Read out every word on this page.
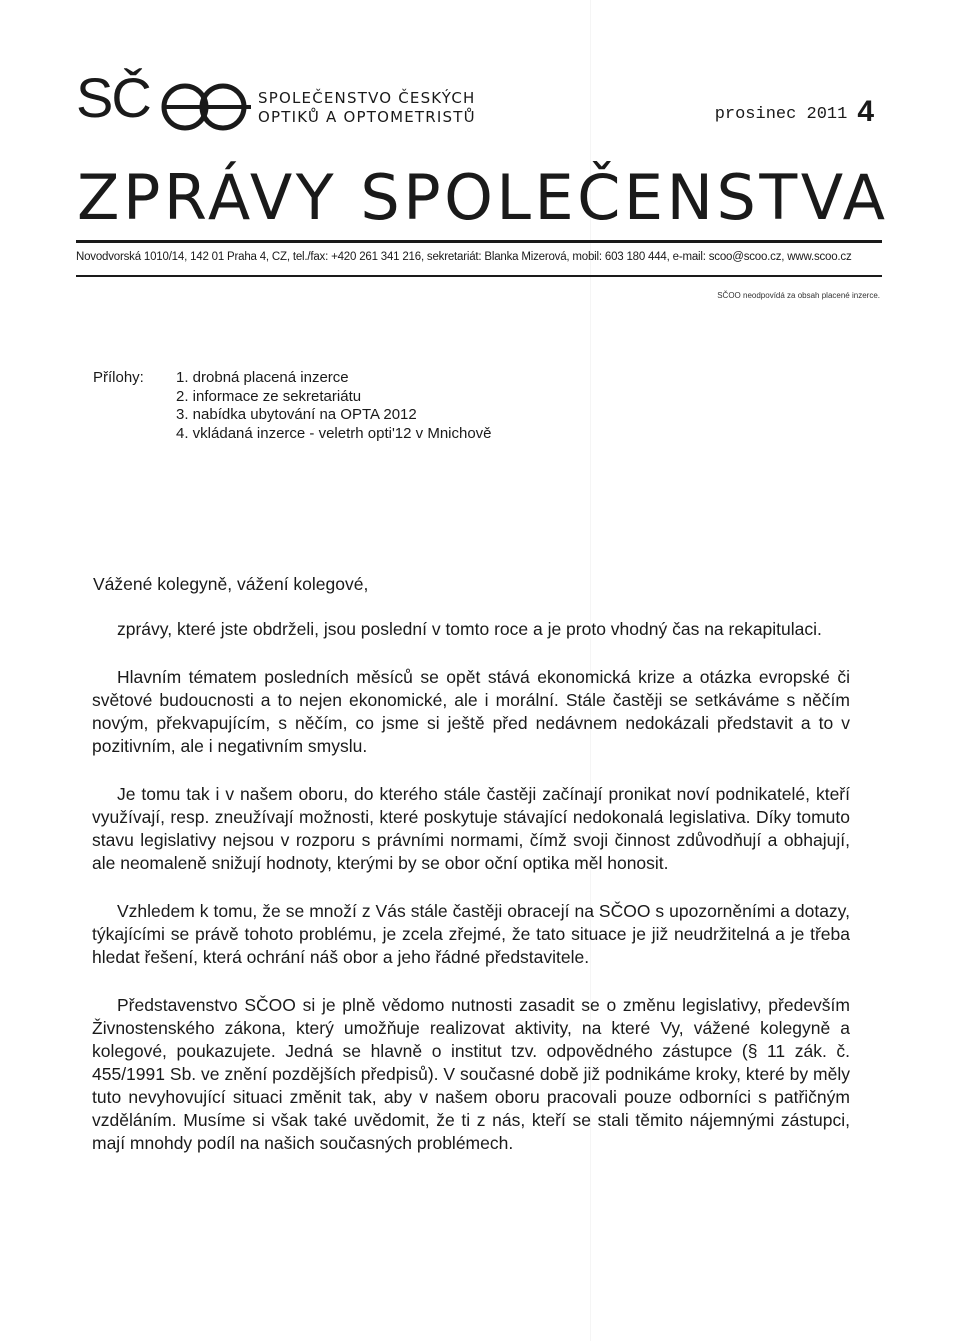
SČ	SPOLEČENSTVO ČESKÝCH
OPTIKŮ A OPTOMETRISTŮ	prosinec 2011 4
ZPRÁVY SPOLEČENSTVA
Novodvorská 1010/14, 142 01 Praha 4, CZ, tel./fax: +420 261 341 216, sekretariát: Blanka Mizerová, mobil: 603 180 444, e-mail: scoo@scoo.cz, www.scoo.cz
SČOO neodpovídá za obsah placené inzerce.
Přílohy: 1. drobná placená inzerce
2. informace ze sekretariátu
3. nabídka ubytování na OPTA 2012
4. vkládaná inzerce - veletrh opti'12 v Mnichově
Vážené kolegyně, vážení kolegové,

zprávy, které jste obdrželi, jsou poslední v tomto roce a je proto vhodný čas na rekapitulaci.

Hlavním tématem posledních měsíců se opět stává ekonomická krize a otázka evropské či světové budoucnosti a to nejen ekonomické, ale i morální. Stále častěji se setkáváme s něčím novým, překvapujícím, s něčím, co jsme si ještě před nedávnem nedokázali představit a to v pozitivním, ale i negativním smyslu.

Je tomu tak i v našem oboru, do kterého stále častěji začínají pronikat noví podnikatelé, kteří využívají, resp. zneužívají možnosti, které poskytuje stávající nedokonalá legislativa. Díky tomuto stavu legislativy nejsou v rozporu s právními normami, čímž svoji činnost zdůvodňují a obhajují, ale neomaleně snižují hodnoty, kterými by se obor oční optika měl honosit.

Vzhledem k tomu, že se množí z Vás stále častěji obracejí na SČOO s upozorněními a dotazy, týkajícími se právě tohoto problému, je zcela zřejmé, že tato situace je již neudržitelná a je třeba hledat řešení, která ochrání náš obor a jeho řádné představitele.

Představenstvo SČOO si je plně vědomo nutnosti zasadit se o změnu legislativy, především Živnostenského zákona, který umožňuje realizovat aktivity, na které Vy, vážené kolegyně a kolegové, poukazujete. Jedná se hlavně o institut tzv. odpovědného zástupce (§ 11 zák. č. 455/1991 Sb. ve znění pozdějších předpisů). V současné době již podnikáme kroky, které by měly tuto nevyhovující situaci změnit tak, aby v našem oboru pracovali pouze odborníci s patřičným vzděláním. Musíme si však také uvědomit, že ti z nás, kteří se stali těmito nájemnými zástupci, mají mnohdy podíl na našich současných problémech.
